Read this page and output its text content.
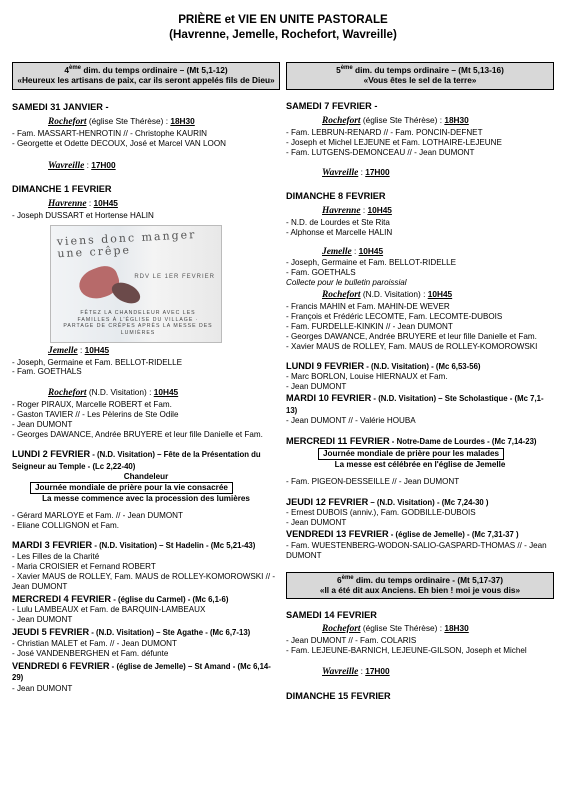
PRIÈRE et VIE EN UNITE PASTORALE
(Havrenne, Jemelle, Rochefort, Wavreille)
4ème dim. du temps ordinaire – (Mt 5,1-12)
«Heureux les artisans de paix, car ils seront appelés fils de Dieu»
SAMEDI 31 JANVIER -
Rochefort (église Ste Thérèse) : 18H30
- Fam. MASSART-HENROTIN // - Christophe KAURIN
- Georgette et Odette DECOUX, José et Marcel VAN LOON
Wavreille : 17H00
DIMANCHE 1 FEVRIER
Havrenne : 10H45
- Joseph DUSSART et Hortense HALIN
viens donc manger une crêpe
RDV LE 1ER FEVRIER
FÊTEZ LA CHANDELEUR AVEC LES FAMILLES À L'ÉGLISE DU VILLAGE · PARTAGE DE CRÊPES APRÈS LA MESSE DES LUMIÈRES
Jemelle : 10H45
- Joseph, Germaine et Fam. BELLOT-RIDELLE
- Fam. GOETHALS
Rochefort (N.D. Visitation) : 10H45
- Roger PIRAUX, Marcelle ROBERT et Fam.
- Gaston TAVIER // - Les Pèlerins de Ste Odile
- Jean DUMONT
- Georges DAWANCE, Andrée BRUYERE et leur fille Danielle et Fam.
LUNDI 2 FEVRIER - (N.D. Visitation) – Fête de la Présentation du Seigneur au Temple - (Lc 2,22-40)
Chandeleur
Journée mondiale de prière pour la vie consacrée
La messe commence avec la procession des lumières
- Gérard MARLOYE et Fam. // - Jean DUMONT
- Eliane COLLIGNON et Fam.
MARDI 3 FEVRIER - (N.D. Visitation) – St Hadelin - (Mc 5,21-43)
- Les Filles de la Charité
- Maria CROISIER et Fernand ROBERT
- Xavier MAUS de ROLLEY, Fam. MAUS de ROLLEY-KOMOROWSKI // - Jean DUMONT
MERCREDI 4 FEVRIER - (église du Carmel) - (Mc 6,1-6)
- Lulu LAMBEAUX et Fam. de BARQUIN-LAMBEAUX
- Jean DUMONT
JEUDI 5 FEVRIER - (N.D. Visitation) – Ste Agathe - (Mc 6,7-13)
- Christian MALET et Fam. // - Jean DUMONT
- José VANDENBERGHEN et Fam. défunte
VENDREDI 6 FEVRIER - (église de Jemelle) – St Amand - (Mc 6,14-29)
- Jean DUMONT
5ème dim. du temps ordinaire – (Mt 5,13-16)
«Vous êtes le sel de la terre»
SAMEDI 7 FEVRIER -
Rochefort (église Ste Thérèse) : 18H30
- Fam. LEBRUN-RENARD // - Fam. PONCIN-DEFNET
- Joseph et Michel LEJEUNE et Fam. LOTHAIRE-LEJEUNE
- Fam. LUTGENS-DEMONCEAU // - Jean DUMONT
Wavreille : 17H00
DIMANCHE 8 FEVRIER
Havrenne : 10H45
- N.D. de Lourdes et Ste Rita
- Alphonse et Marcelle HALIN
Jemelle : 10H45
- Joseph, Germaine et Fam. BELLOT-RIDELLE
- Fam. GOETHALS
Collecte pour le bulletin paroissial
Rochefort (N.D. Visitation) : 10H45
- Francis MAHIN et Fam. MAHIN-DE WEVER
- François et Frédéric LECOMTE, Fam. LECOMTE-DUBOIS
- Fam. FURDELLE-KINKIN // - Jean DUMONT
- Georges DAWANCE, Andrée BRUYERE et leur fille Danielle et Fam.
- Xavier MAUS de ROLLEY, Fam. MAUS de ROLLEY-KOMOROWSKI
LUNDI 9 FEVRIER - (N.D. Visitation) - (Mc 6,53-56)
- Marc BORLON, Louise HIERNAUX et Fam.
- Jean DUMONT
MARDI 10 FEVRIER - (N.D. Visitation) – Ste Scholastique - (Mc 7,1-13)
- Jean DUMONT // - Valérie HOUBA
MERCREDI 11 FEVRIER - Notre-Dame de Lourdes - (Mc 7,14-23)
Journée mondiale de prière pour les malades
La messe est célébrée en l'église de Jemelle
- Fam. PIGEON-DESSEILLE // - Jean DUMONT
JEUDI 12 FEVRIER – (N.D. Visitation) - (Mc 7,24-30 )
- Ernest DUBOIS (anniv.), Fam. GODBILLE-DUBOIS
- Jean DUMONT
VENDREDI 13 FEVRIER - (église de Jemelle) - (Mc 7,31-37 )
- Fam. WUESTENBERG-WODON-SALIO-GASPARD-THOMAS // - Jean DUMONT
6ème dim. du temps ordinaire - (Mt 5,17-37)
«Il a été dit aux Anciens. Eh bien ! moi je vous dis»
SAMEDI 14 FEVRIER
Rochefort (église Ste Thérèse) : 18H30
- Jean DUMONT // - Fam. COLARIS
- Fam. LEJEUNE-BARNICH, LEJEUNE-GILSON, Joseph et Michel
Wavreille : 17H00
DIMANCHE 15 FEVRIER
